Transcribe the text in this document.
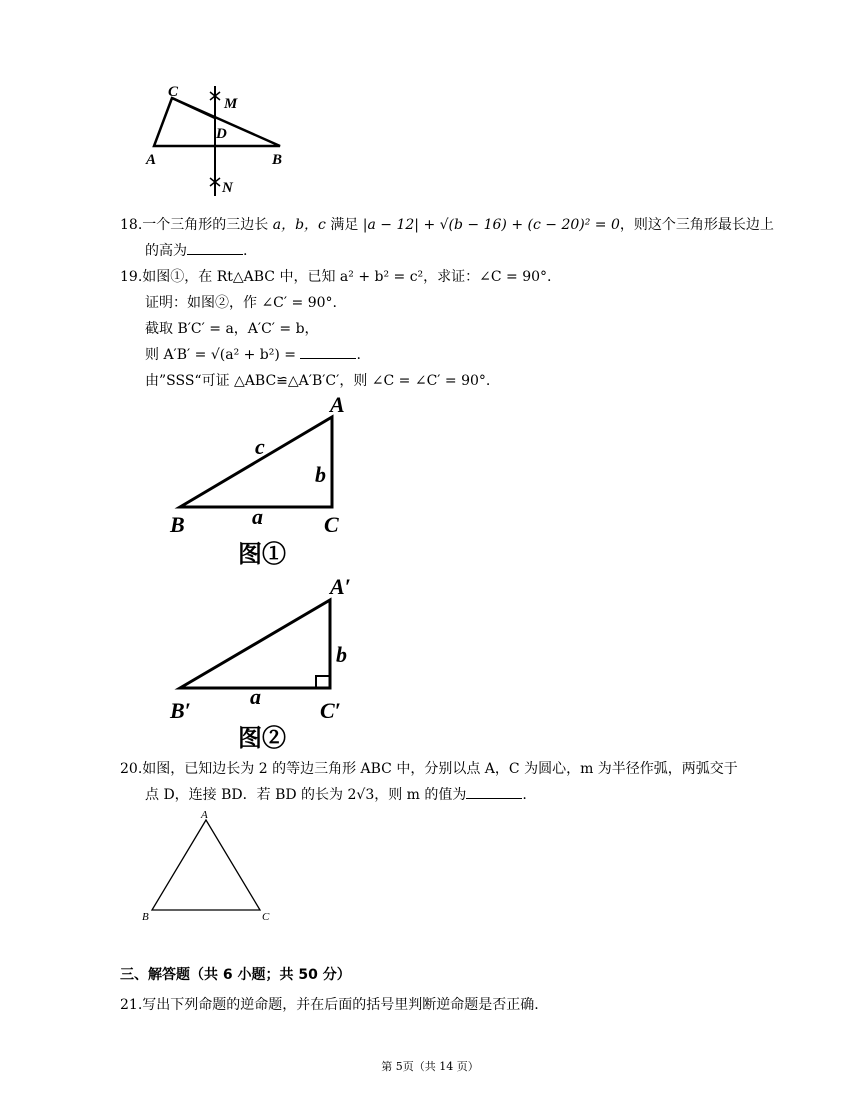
C
M
D
A	B
N
18.一个三角形的三边长 a，b，c 满足 |a − 12| + √(b − 16) + (c − 20)² = 0，则这个三角形最长边上
的高为	.
19.如图①，在 Rt△ABC 中，已知 a² + b² = c²，求证：∠C = 90°.
证明：如图②，作 ∠C′ = 90°.
截取 B′C′ = a，A′C′ = b，
则 A′B′ = √(a² + b²) =	.
由”SSS“可证 △ABC≌△A′B′C′，则 ∠C = ∠C′ = 90°.
A
B	C
a
b
c
图①
A′
B′	C′
a
b
图②
20.如图，已知边长为 2 的等边三角形 ABC 中，分别以点 A，C 为圆心，m 为半径作弧，两弧交于
点 D，连接 BD．若 BD 的长为 2√3，则 m 的值为	.
A
B	C
三、解答题（共 6 小题；共 50 分）
21.写出下列命题的逆命题，并在后面的括号里判断逆命题是否正确.
第 5页（共 14 页）
